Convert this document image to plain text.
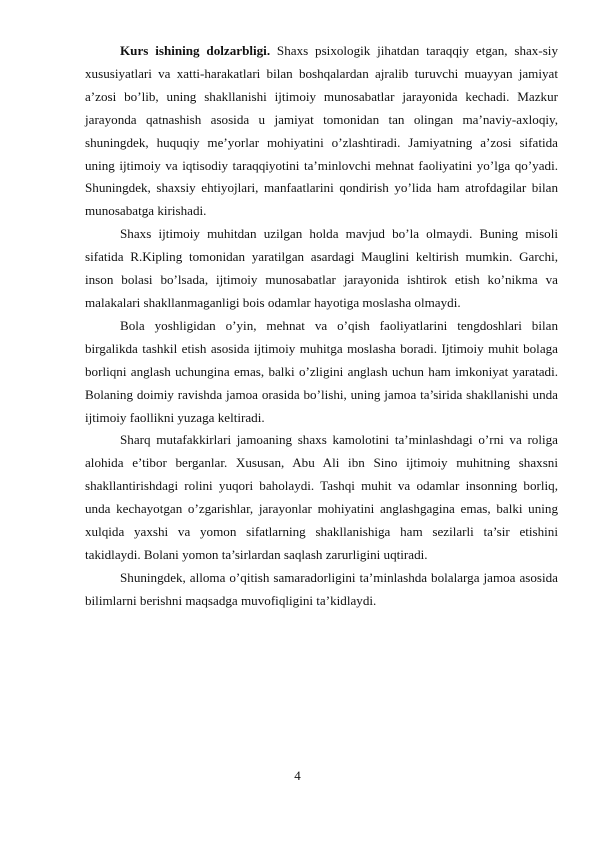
Kurs ishining dolzarbligi. Shaxs psixologik jihatdan taraqqiy etgan, shax-siy xususiyatlari va xatti-harakatlari bilan boshqalardan ajralib turuvchi muayyan jamiyat a’zosi bo’lib, uning shakllanishi ijtimoiy munosabatlar jarayonida kechadi. Mazkur jarayonda qatnashish asosida u jamiyat tomonidan tan olingan ma’naviy-axloqiy, shuningdek, huquqiy me’yorlar mohiyatini o’zlashtiradi. Jamiyatning a’zosi sifatida uning ijtimoiy va iqtisodiy taraqqiyotini ta’minlovchi mehnat faoliyatini yo’lga qo’yadi. Shuningdek, shaxsiy ehtiyojlari, manfaatlarini qondirish yo’lida ham atrofdagilar bilan munosabatga kirishadi.

Shaxs ijtimoiy muhitdan uzilgan holda mavjud bo’la olmaydi. Buning misoli sifatida R.Kipling tomonidan yaratilgan asardagi Mauglini keltirish mumkin. Garchi, inson bolasi bo’lsada, ijtimoiy munosabatlar jarayonida ishtirok etish ko’nikma va malakalari shakllanmaganligi bois odamlar hayotiga moslasha olmaydi.

Bola yoshligidan o’yin, mehnat va o’qish faoliyatlarini tengdoshlari bilan birgalikda tashkil etish asosida ijtimoiy muhitga moslasha boradi. Ijtimoiy muhit bolaga borliqni anglash uchungina emas, balki o’zligini anglash uchun ham imkoniyat yaratadi. Bolaning doimiy ravishda jamoa orasida bo’lishi, uning jamoa ta’sirida shakllanishi unda ijtimoiy faollikni yuzaga keltiradi.

Sharq mutafakkirlari jamoaning shaxs kamolotini ta’minlashdagi o’rni va roliga alohida e’tibor berganlar. Xususan, Abu Ali ibn Sino ijtimoiy muhitning shaxsni shakllantirishdagi rolini yuqori baholaydi. Tashqi muhit va odamlar insonning borliq, unda kechayotgan o’zgarishlar, jarayonlar mohiyatini anglashgagina emas, balki uning xulqida yaxshi va yomon sifatlarning shakllanishiga ham sezilarli ta’sir etishini takidlaydi. Bolani yomon ta’sirlardan saqlash zarurligini uqtiradi.

Shuningdek, alloma o’qitish samaradorligini ta’minlashda bolalarga jamoa asosida bilimlarni berishni maqsadga muvofiqligini ta’kidlaydi.

4
